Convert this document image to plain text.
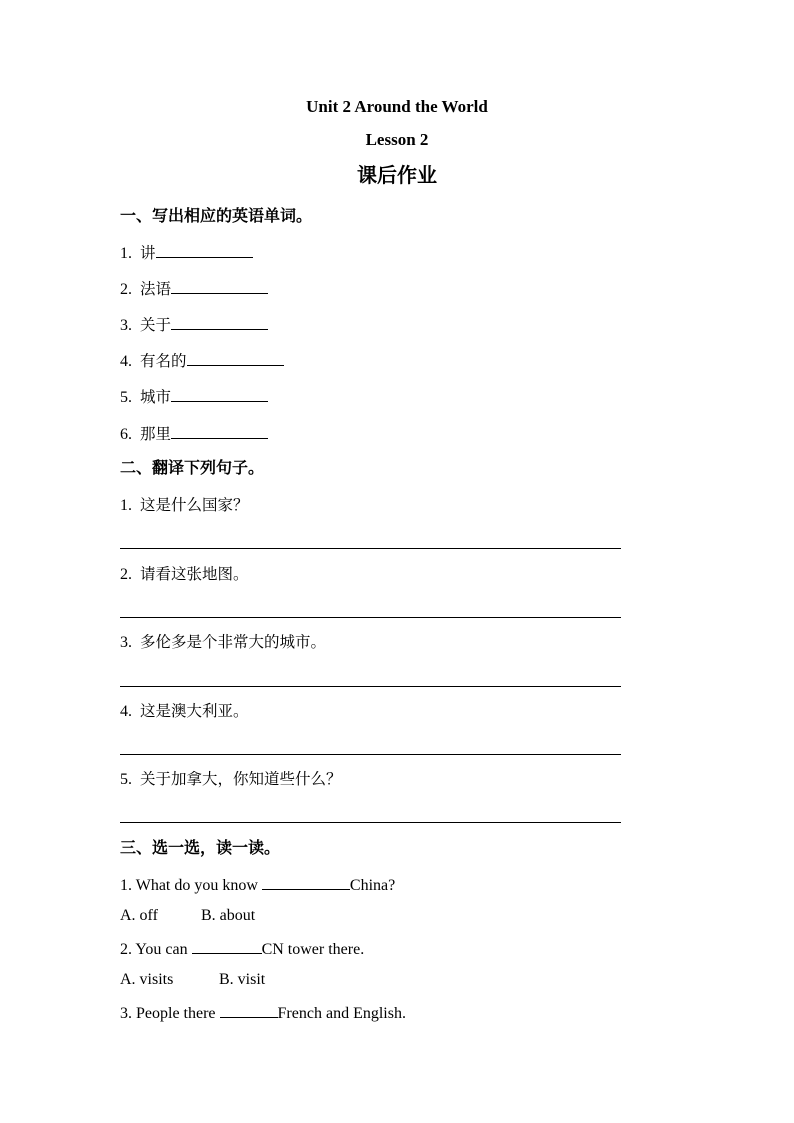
Unit 2 Around the World
Lesson 2
课后作业
一、写出相应的英语单词。
1. 讲
2. 法语
3. 关于
4. 有名的
5. 城市
6. 那里
二、翻译下列句子。
1. 这是什么国家？
2. 请看这张地图。
3. 多伦多是个非常大的城市。
4. 这是澳大利亚。
5. 关于加拿大，你知道些什么？
三、选一选，读一读。
1. What do you know	China?
A. off	B. about
2. You can	CN tower there.
A. visits	B. visit
3. People there	French and English.
